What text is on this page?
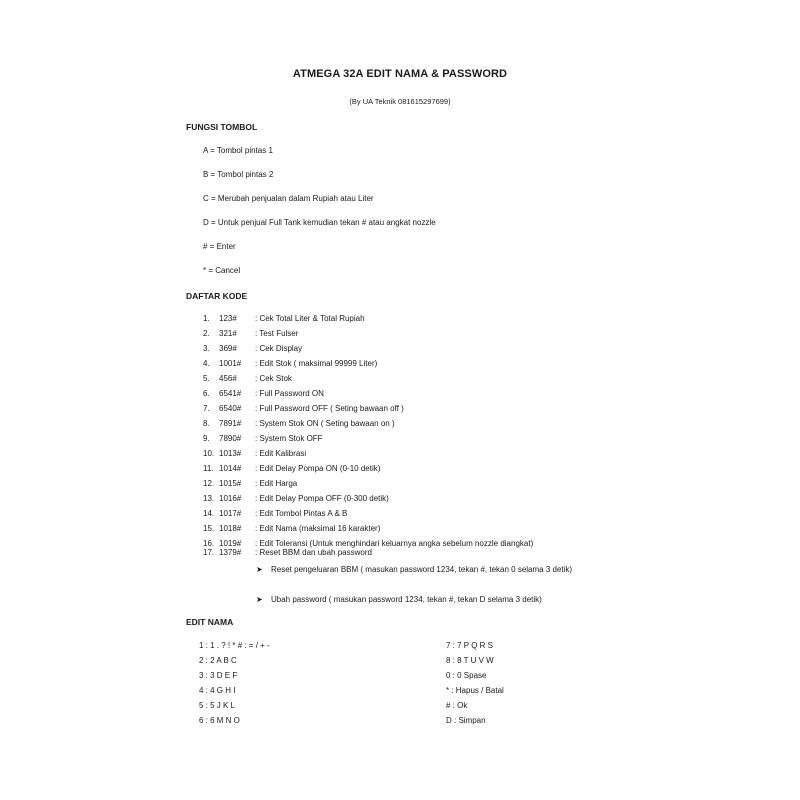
ATMEGA 32A EDIT NAMA & PASSWORD
(By UA Teknik 081615297699)
FUNGSI TOMBOL
A = Tombol pintas 1
B = Tombol pintas 2
C = Merubah penjualan dalam Rupiah atau Liter
D = Untuk penjual Full Tank kemudian tekan # atau angkat nozzle
# = Enter
* = Cancel
DAFTAR KODE
1.	123#	: Cek Total Liter & Total Rupiah
2.	321#	: Test Fulser
3.	369#	: Cek Display
4.	1001#	: Edit Stok ( maksimal 99999 Liter)
5.	456#	: Cek Stok
6.	6541#	: Full Password ON
7.	6540#	: Full Password OFF ( Seting bawaan off )
8.	7891#	: System Stok ON ( Seting bawaan on )
9.	7890#	: System Stok OFF
10. 1013#	: Edit Kalibrasi
11. 1014#	: Edit Delay Pompa ON (0-10 detik)
12. 1015#	: Edit Harga
13. 1016#	: Edit Delay Pompa OFF (0-300 detik)
14. 1017#	: Edit Tombol Pintas A & B
15. 1018#	: Edit Nama (maksimal 16 karakter)
16. 1019#	: Edit Toleransi (Untuk menghindari keluarnya angka sebelum nozzle diangkat)
17. 1379#	: Reset BBM dan ubah password
➤ Reset pengeluaran BBM ( masukan password 1234, tekan #, tekan 0 selama 3 detik)
➤ Ubah password ( masukan password 1234, tekan #, tekan D selama 3 detik)
EDIT NAMA
1 : 1 . ? ! * # : = / + -
2 : 2 A B C
3 : 3 D E F
4 : 4 G H I
5 : 5 J K L
6 : 6 M N O
7 : 7 P Q R S
8 : 8 T U V W
0 : 0 Spase
* : Hapus / Batal
# : Ok
D : Simpan
